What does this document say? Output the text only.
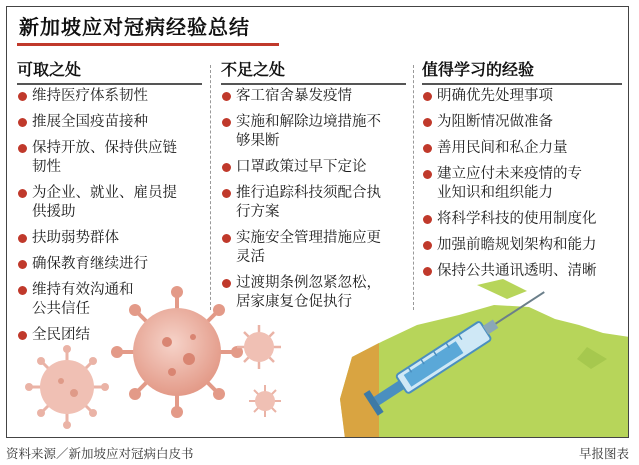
新加坡应对冠病经验总结
可取之处
维持医疗体系韧性
推展全国疫苗接种
保持开放、保持供应链
韧性
为企业、就业、雇员提
供援助
扶助弱势群体
确保教育继续进行
维持有效沟通和
公共信任
全民团结
不足之处
客工宿舍暴发疫情
实施和解除边境措施不
够果断
口罩政策过早下定论
推行追踪科技须配合执
行方案
实施安全管理措施应更
灵活
过渡期条例忽紧忽松，
居家康复仓促执行
值得学习的经验
明确优先处理事项
为阻断情况做准备
善用民间和私企力量
建立应付未来疫情的专
业知识和组织能力
将科学科技的使用制度化
加强前瞻规划架构和能力
保持公共通讯透明、清晰
资料来源／新加坡应对冠病白皮书	早报图表
